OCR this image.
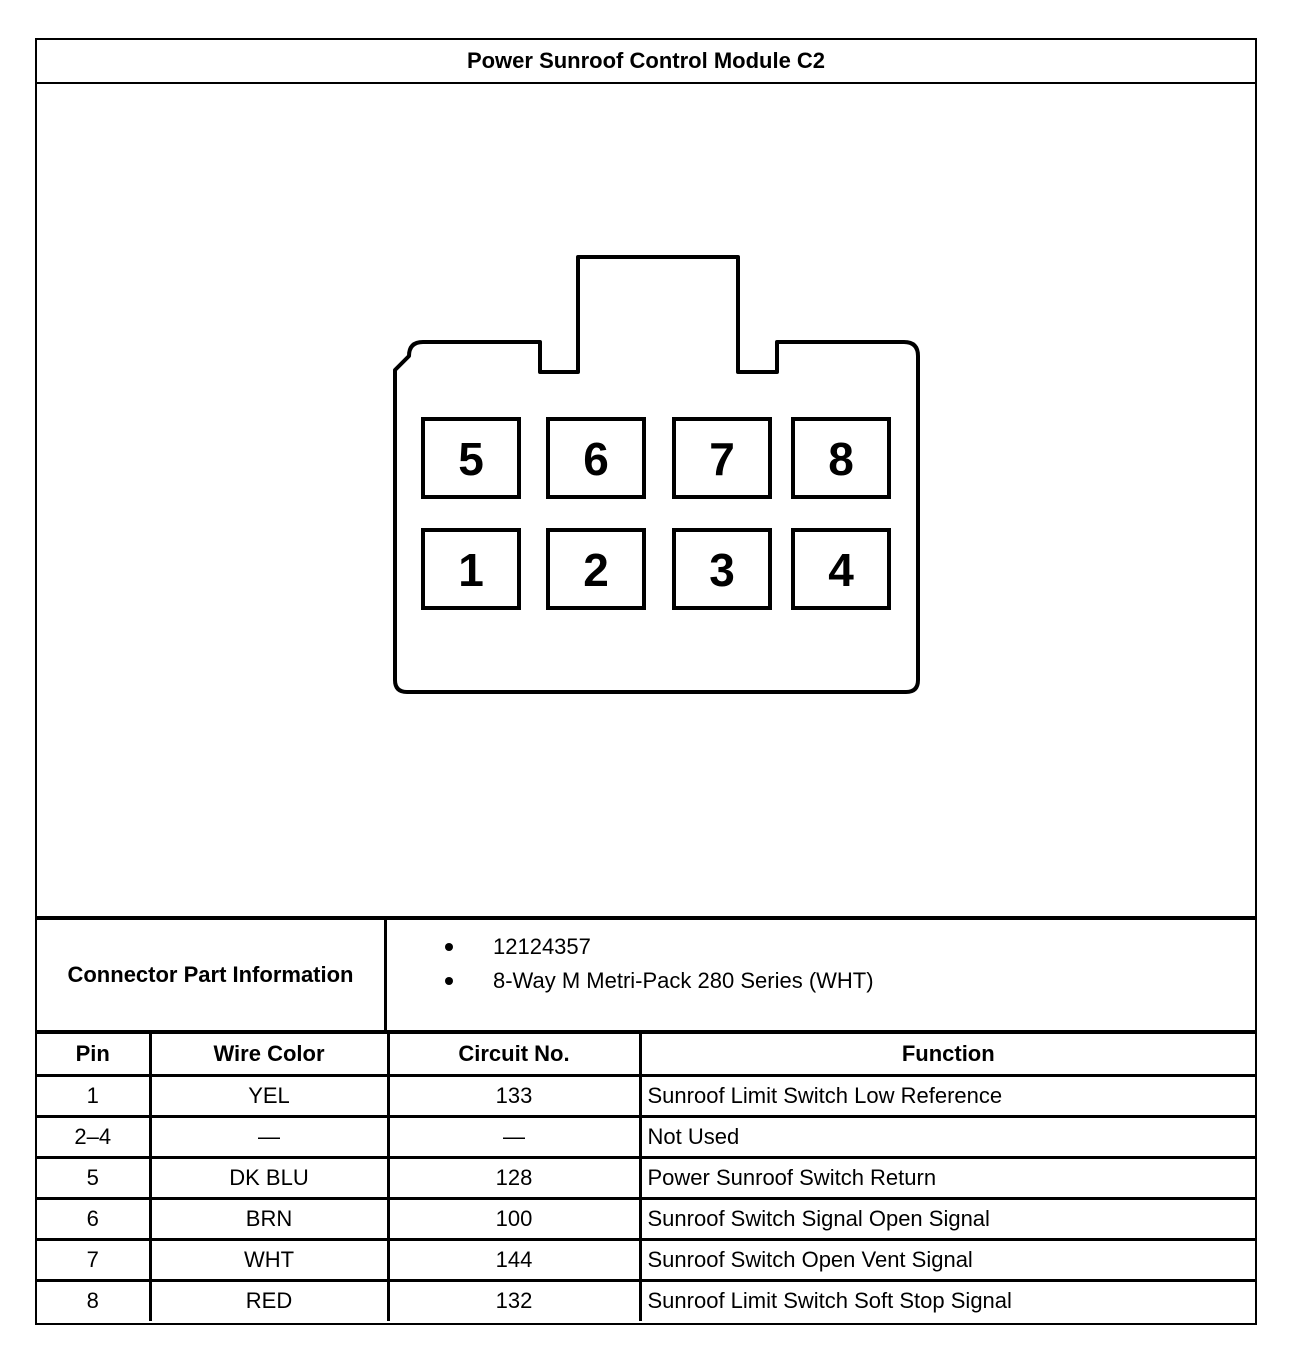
Power Sunroof Control Module C2
5 6 7 8
1 2 3 4
Connector Part Information
12124357
8-Way M Metri-Pack 280 Series (WHT)
Pin	Wire Color	Circuit No.	Function
1	YEL	133	Sunroof Limit Switch Low Reference
2–4	—	—	Not Used
5	DK BLU	128	Power Sunroof Switch Return
6	BRN	100	Sunroof Switch Signal Open Signal
7	WHT	144	Sunroof Switch Open Vent Signal
8	RED	132	Sunroof Limit Switch Soft Stop Signal
